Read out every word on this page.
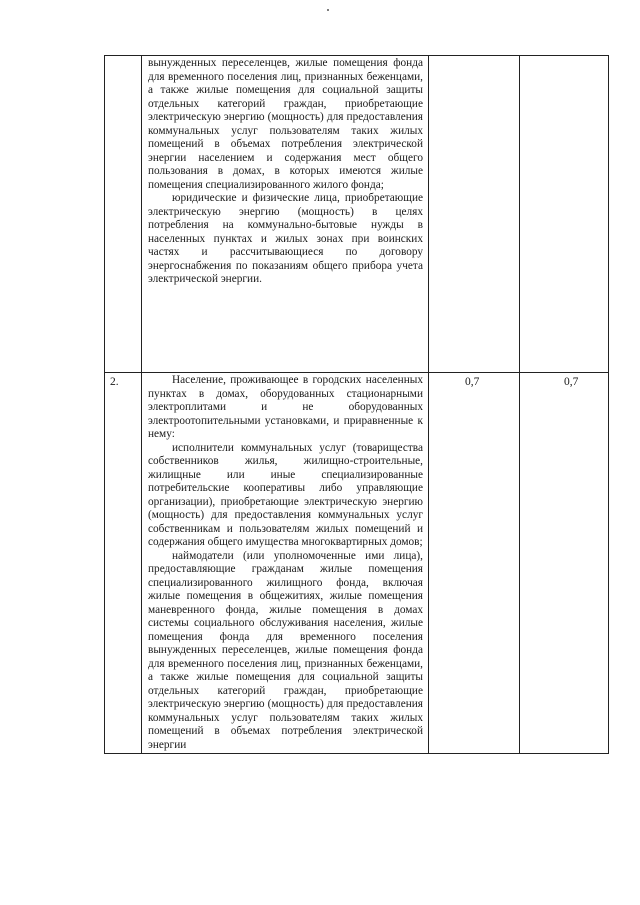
	вынужденных переселенцев, жилые помещения фонда для временного поселения лиц, признанных беженцами, а также жилые помещения для социальной защиты отдельных категорий граждан, приобретающие электрическую энергию (мощность) для предоставления коммунальных услуг пользователям таких жилых помещений в объемах потребления электрической энергии населением и содержания мест общего пользования в домах, в которых имеются жилые помещения специализированного жилого фонда;

юридические и физические лица, приобретающие электрическую энергию (мощность) в целях потребления на коммунально-бытовые нужды в населенных пунктах и жилых зонах при воинских частях и рассчитывающиеся по договору энергоснабжения по показаниям общего прибора учета электрической энергии.		

2.	Население, проживающее в городских населенных пунктах в домах, оборудованных стационарными электроплитами и не оборудованных электроотопительными установками, и приравненные к нему:

исполнители коммунальных услуг (товарищества собственников жилья, жилищно-строительные, жилищные или иные специализированные потребительские кооперативы либо управляющие организации), приобретающие электрическую энергию (мощность) для предоставления коммунальных услуг собственникам и пользователям жилых помещений и содержания общего имущества многоквартирных домов;

наймодатели (или уполномоченные ими лица), предоставляющие гражданам жилые помещения специализированного жилищного фонда, включая жилые помещения в общежитиях, жилые помещения маневренного фонда, жилые помещения в домах системы социального обслуживания населения, жилые помещения фонда для временного поселения вынужденных переселенцев, жилые помещения фонда для временного поселения лиц, признанных беженцами, а также жилые помещения для социальной защиты отдельных категорий граждан, приобретающие электрическую энергию (мощность) для предоставления коммунальных услуг пользователям таких жилых помещений в объемах потребления электрической энергии	0,7	0,7
